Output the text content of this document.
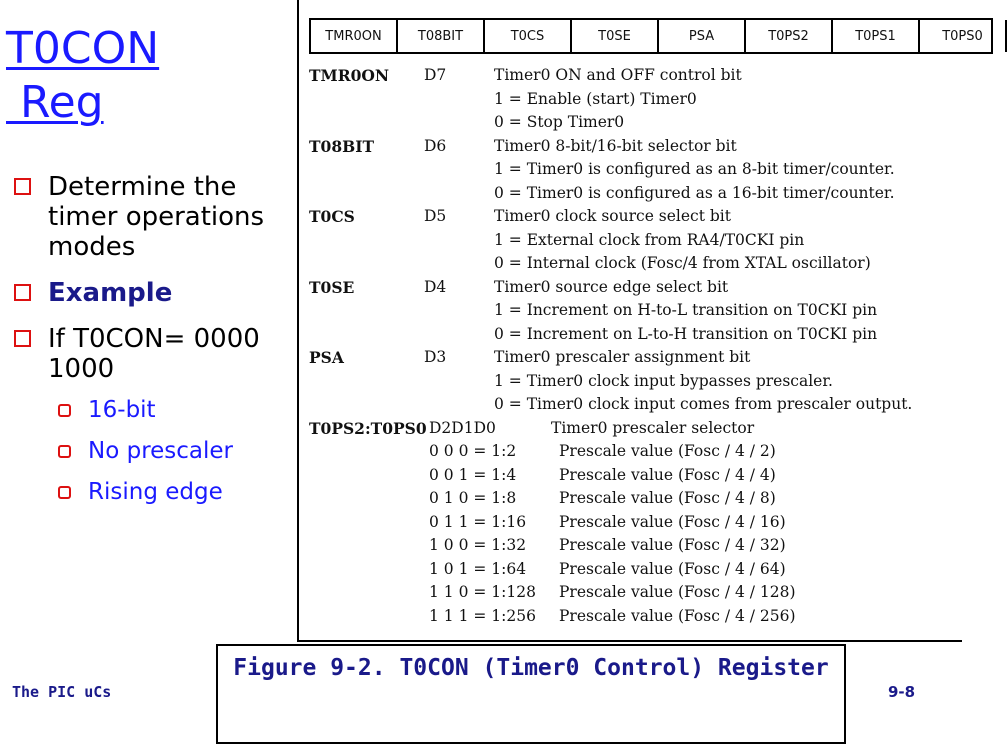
T0CON
Reg
Determine the timer operations modes
Example
If T0CON= 0000 1000
16-bit
No prescaler
Rising edge
TMR0ON	T08BIT	T0CS	T0SE	PSA	T0PS2	T0PS1	T0PS0
TMR0ON D7	Timer0 ON and OFF control bit
1 = Enable (start) Timer0
0 = Stop Timer0
T08BIT	D6	Timer0 8-bit/16-bit selector bit
1 = Timer0 is configured as an 8-bit timer/counter.
0 = Timer0 is configured as a 16-bit timer/counter.
T0CS	D5	Timer0 clock source select bit
1 = External clock from RA4/T0CKI pin
0 = Internal clock (Fosc/4 from XTAL oscillator)
T0SE	D4	Timer0 source edge select bit
1 = Increment on H-to-L transition on T0CKI pin
0 = Increment on L-to-H transition on T0CKI pin
PSA	D3	Timer0 prescaler assignment bit
1 = Timer0 clock input bypasses prescaler.
0 = Timer0 clock input comes from prescaler output.
T0PS2:T0PS0 D2D1D0	Timer0 prescaler selector
0 0 0 = 1:2	Prescale value (Fosc / 4 / 2)
0 0 1 = 1:4	Prescale value (Fosc / 4 / 4)
0 1 0 = 1:8	Prescale value (Fosc / 4 / 8)
0 1 1 = 1:16 Prescale value (Fosc / 4 / 16)
1 0 0 = 1:32 Prescale value (Fosc / 4 / 32)
1 0 1 = 1:64 Prescale value (Fosc / 4 / 64)
1 1 0 = 1:128 Prescale value (Fosc / 4 / 128)
1 1 1 = 1:256 Prescale value (Fosc / 4 / 256)
Figure 9-2. T0CON (Timer0 Control) Register
The PIC uCs	9-8
